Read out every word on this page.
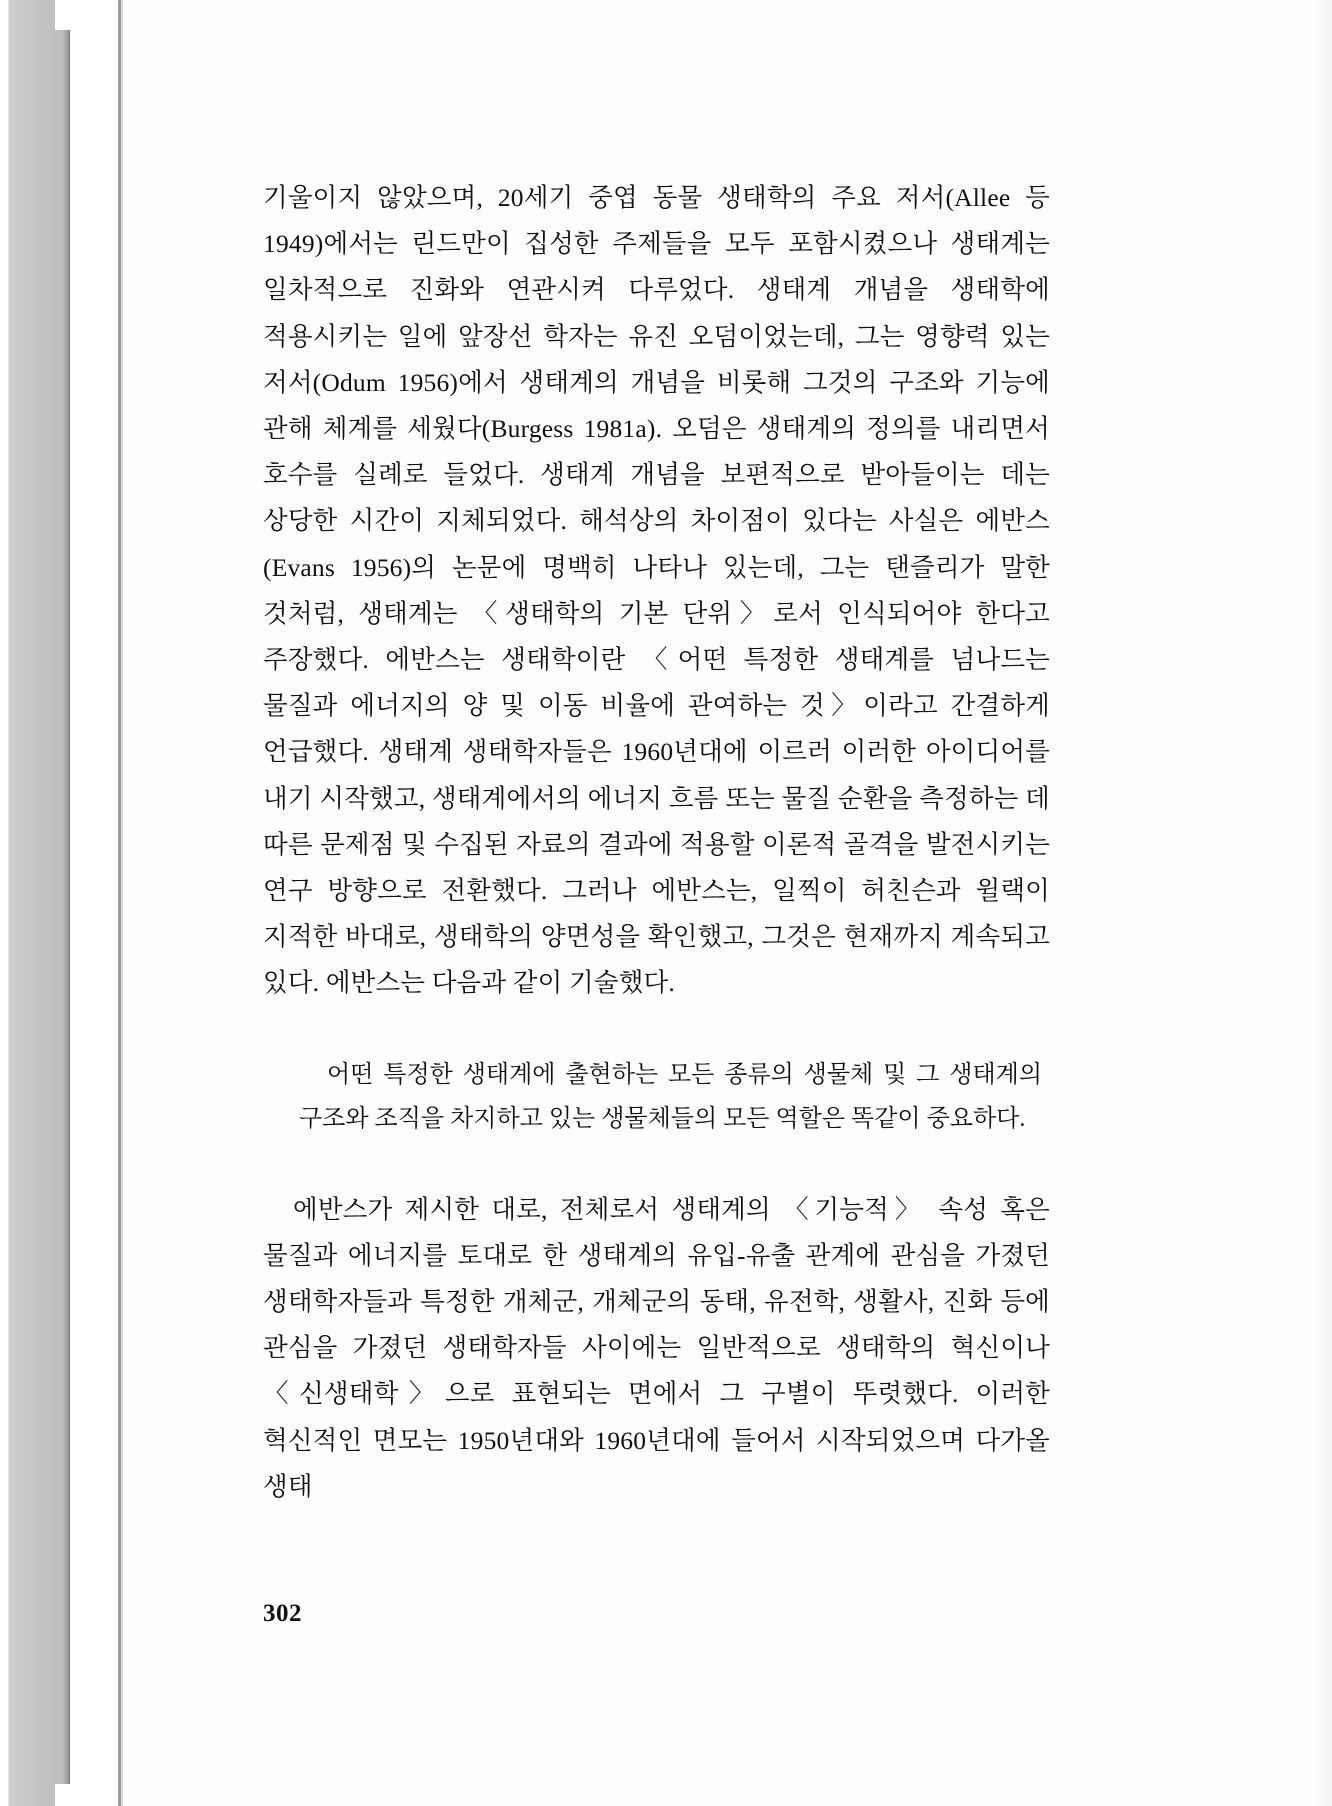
기울이지 않았으며, 20세기 중엽 동물 생태학의 주요 저서(Allee 등 1949)에서는 린드만이 집성한 주제들을 모두 포함시켰으나 생태계는 일차적으로 진화와 연관시켜 다루었다. 생태계 개념을 생태학에 적용시키는 일에 앞장선 학자는 유진 오덤이었는데, 그는 영향력 있는 저서(Odum 1956)에서 생태계의 개념을 비롯해 그것의 구조와 기능에 관해 체계를 세웠다(Burgess 1981a). 오덤은 생태계의 정의를 내리면서 호수를 실례로 들었다. 생태계 개념을 보편적으로 받아들이는 데는 상당한 시간이 지체되었다. 해석상의 차이점이 있다는 사실은 에반스(Evans 1956)의 논문에 명백히 나타나 있는데, 그는 탠즐리가 말한 것처럼, 생태계는 〈생태학의 기본 단위〉로서 인식되어야 한다고 주장했다. 에반스는 생태학이란 〈어떤 특정한 생태계를 넘나드는 물질과 에너지의 양 및 이동 비율에 관여하는 것〉이라고 간결하게 언급했다. 생태계 생태학자들은 1960년대에 이르러 이러한 아이디어를 내기 시작했고, 생태계에서의 에너지 흐름 또는 물질 순환을 측정하는 데 따른 문제점 및 수집된 자료의 결과에 적용할 이론적 골격을 발전시키는 연구 방향으로 전환했다. 그러나 에반스는, 일찍이 허친슨과 윌랙이 지적한 바대로, 생태학의 양면성을 확인했고, 그것은 현재까지 계속되고 있다. 에반스는 다음과 같이 기술했다.

어떤 특정한 생태계에 출현하는 모든 종류의 생물체 및 그 생태계의 구조와 조직을 차지하고 있는 생물체들의 모든 역할은 똑같이 중요하다.

에반스가 제시한 대로, 전체로서 생태계의 〈기능적〉 속성 혹은 물질과 에너지를 토대로 한 생태계의 유입-유출 관계에 관심을 가졌던 생태학자들과 특정한 개체군, 개체군의 동태, 유전학, 생활사, 진화 등에 관심을 가졌던 생태학자들 사이에는 일반적으로 생태학의 혁신이나 〈신생태학〉으로 표현되는 면에서 그 구별이 뚜렷했다. 이러한 혁신적인 면모는 1950년대와 1960년대에 들어서 시작되었으며 다가올 생태

302
